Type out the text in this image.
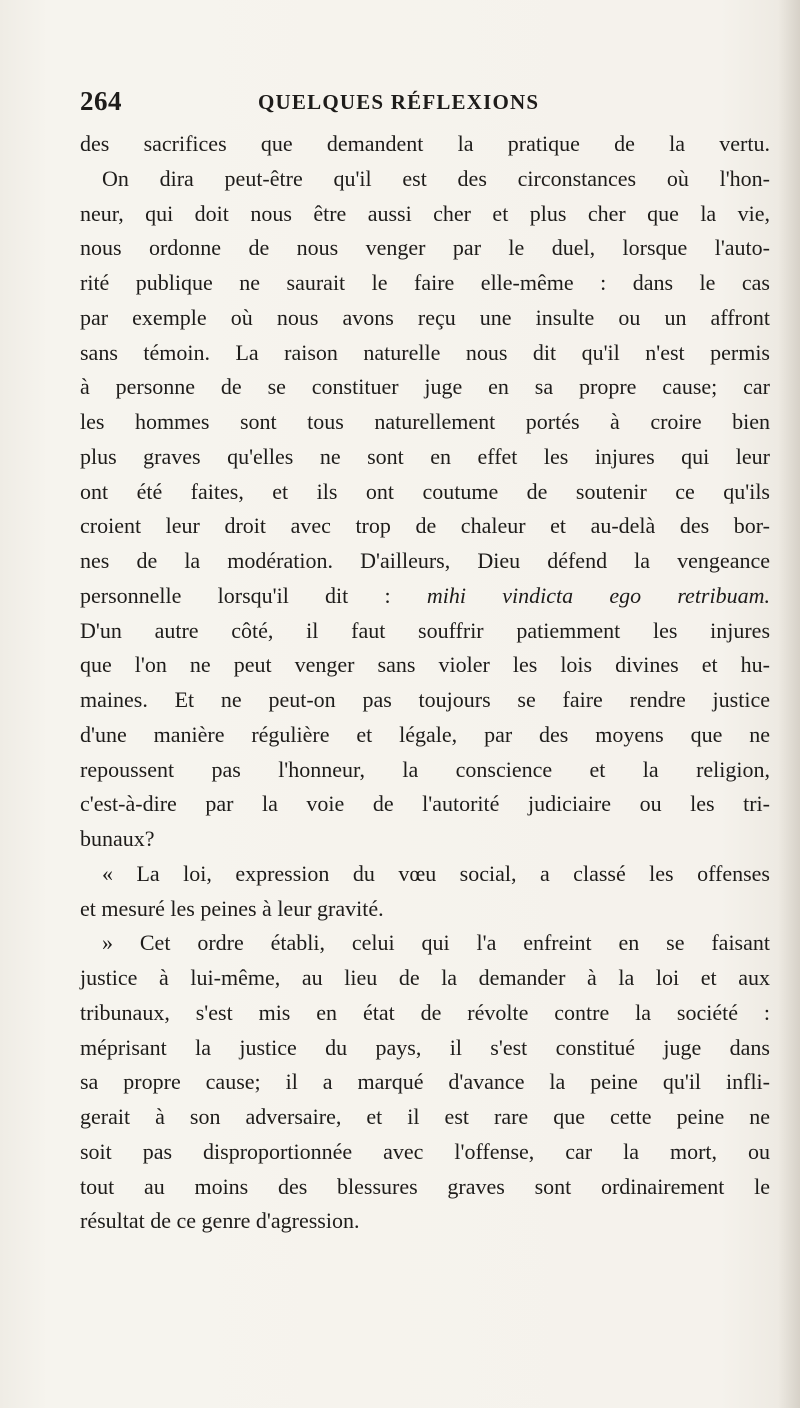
264	QUELQUES RÉFLEXIONS
des sacrifices que demandent la pratique de la vertu.
On dira peut-être qu'il est des circonstances où l'hon-
neur, qui doit nous être aussi cher et plus cher que la vie,
nous ordonne de nous venger par le duel, lorsque l'auto-
rité publique ne saurait le faire elle-même : dans le cas
par exemple où nous avons reçu une insulte ou un affront
sans témoin. La raison naturelle nous dit qu'il n'est permis
à personne de se constituer juge en sa propre cause; car
les hommes sont tous naturellement portés à croire bien
plus graves qu'elles ne sont en effet les injures qui leur
ont été faites, et ils ont coutume de soutenir ce qu'ils
croient leur droit avec trop de chaleur et au-delà des bor-
nes de la modération. D'ailleurs, Dieu défend la vengeance
personnelle lorsqu'il dit : mihi vindicta ego retribuam.
D'un autre côté, il faut souffrir patiemment les injures
que l'on ne peut venger sans violer les lois divines et hu-
maines. Et ne peut-on pas toujours se faire rendre justice
d'une manière régulière et légale, par des moyens que ne
repoussent pas l'honneur, la conscience et la religion,
c'est-à-dire par la voie de l'autorité judiciaire ou les tri-
bunaux?
« La loi, expression du vœu social, a classé les offenses
et mesuré les peines à leur gravité.
» Cet ordre établi, celui qui l'a enfreint en se faisant
justice à lui-même, au lieu de la demander à la loi et aux
tribunaux, s'est mis en état de révolte contre la société :
méprisant la justice du pays, il s'est constitué juge dans
sa propre cause; il a marqué d'avance la peine qu'il infli-
gerait à son adversaire, et il est rare que cette peine ne
soit pas disproportionnée avec l'offense, car la mort, ou
tout au moins des blessures graves sont ordinairement le
résultat de ce genre d'agression.
